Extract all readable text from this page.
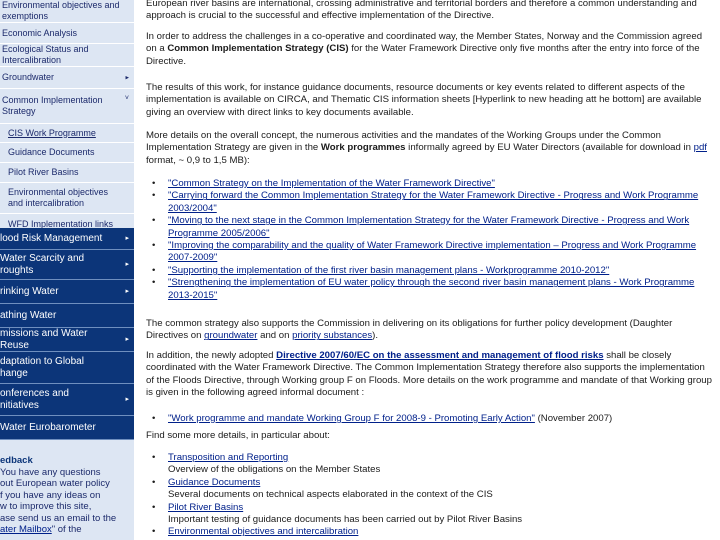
Environmental objectives and exemptions
Economic Analysis
Ecological Status and Intercalibration
Groundwater	▸
Common Implementation Strategy
˅
CIS Work Programme
Guidance Documents
Pilot River Basins
Environmental objectives and intercalibration
WFD Implementation links
lood Risk Management	▸
Water Scarcity and
roughts
▸
rinking Water	▸
athing Water
missions and Water Reuse
▸
daptation to Global
hange
onferences and
nitiatives
▸
Water Eurobarometer
edback
You have any questions
out European water policy
f you have any ideas on
w to improve this site,
ase send us an email to the
ater Mailbox" of the

European river basins are international, crossing administrative and territorial borders and therefore a common understanding and approach is crucial to the successful and effective implementation of the Directive.

In order to address the challenges in a co-operative and coordinated way, the Member States, Norway and the Commission agreed on a Common Implementation Strategy (CIS) for the Water Framework Directive only five months after the entry into force of the Directive.

The results of this work, for instance guidance documents, resource documents or key events related to different aspects of the implementation is available on CIRCA, and Thematic CIS information sheets [Hyperlink to new heading att he bottom] are available giving an overview with direct links to key documents available.

More details on the overall concept, the numerous activities and the mandates of the Working Groups under the Common Implementation Strategy are given in the Work programmes informally agreed by EU Water Directors (available for download in pdf format, ~ 0,9 to 1,5 MB):

• "Common Strategy on the Implementation of the Water Framework Directive"
• "Carrying forward the Common Implementation Strategy for the Water Framework Directive - Progress and Work Programme 2003/2004"
• "Moving to the next stage in the Common Implementation Strategy for the Water Framework Directive - Progress and Work Programme 2005/2006"
• "Improving the comparability and the quality of Water Framework Directive implementation – Progress and Work Programme 2007-2009"
• "Supporting the implementation of the first river basin management plans - Workprogramme 2010-2012"
• "Strengthening the implementation of EU water policy through the second river basin management plans - Work Programme 2013-2015"

The common strategy also supports the Commission in delivering on its obligations for further policy development (Daughter Directives on groundwater and on priority substances).

In addition, the newly adopted Directive 2007/60/EC on the assessment and management of flood risks shall be closely coordinated with the Water Framework Directive. The Common Implementation Strategy therefore also supports the implementation of the Floods Directive, through Working group F on Floods. More details on the work programme and mandate of that Working group is given in the following agreed informal document :

• "Work programme and mandate Working Group F for 2008-9 - Promoting Early Action" (November 2007)

Find some more details, in particular about:

• Transposition and Reporting
Overview of the obligations on the Member States
• Guidance Documents
Several documents on technical aspects elaborated in the context of the CIS
• Pilot River Basins
Important testing of guidance documents has been carried out by Pilot River Basins
• Environmental objectives and intercalibration
